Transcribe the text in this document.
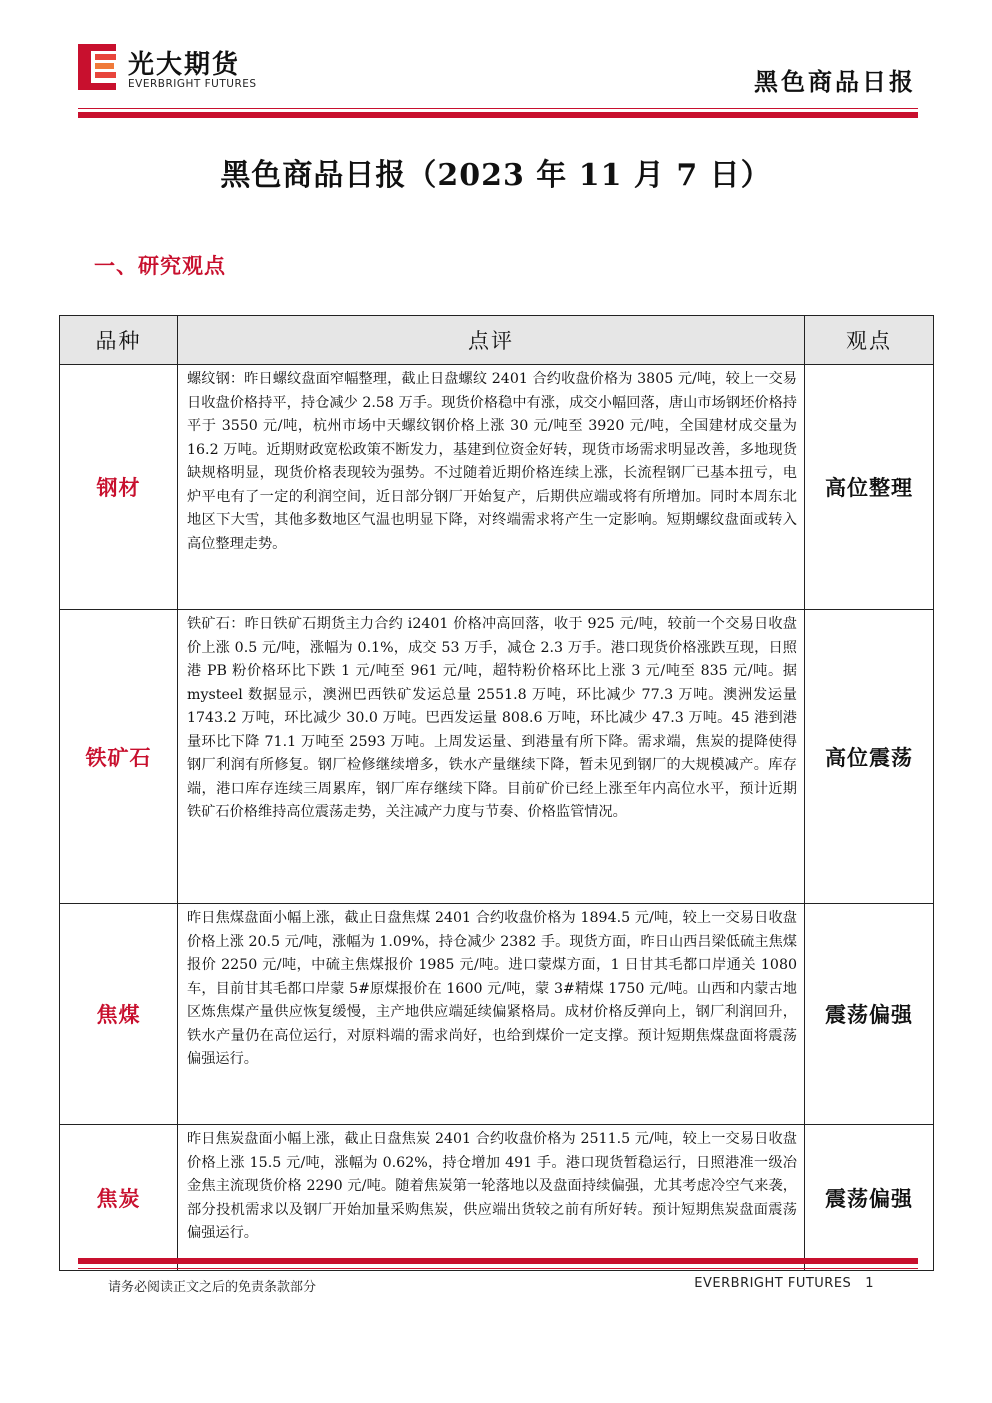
光大期货
EVERBRIGHT FUTURES	黑色商品日报
黑色商品日报（2023 年 11 月 7 日）
一、研究观点
品种	点评	观点
钢材	螺纹钢：昨日螺纹盘面窄幅整理，截止日盘螺纹 2401 合约收盘价格为 3805 元/吨，较上一交易日收盘价格持平，持仓减少 2.58 万手。现货价格稳中有涨，成交小幅回落，唐山市场钢坯价格持平于 3550 元/吨，杭州市场中天螺纹钢价格上涨 30 元/吨至 3920 元/吨，全国建材成交量为 16.2 万吨。近期财政宽松政策不断发力，基建到位资金好转，现货市场需求明显改善，多地现货缺规格明显，现货价格表现较为强势。不过随着近期价格连续上涨，长流程钢厂已基本扭亏，电炉平电有了一定的利润空间，近日部分钢厂开始复产，后期供应端或将有所增加。同时本周东北地区下大雪，其他多数地区气温也明显下降，对终端需求将产生一定影响。短期螺纹盘面或转入高位整理走势。	高位整理
铁矿石	铁矿石：昨日铁矿石期货主力合约 i2401 价格冲高回落，收于 925 元/吨，较前一个交易日收盘价上涨 0.5 元/吨，涨幅为 0.1%，成交 53 万手，减仓 2.3 万手。港口现货价格涨跌互现，日照港 PB 粉价格环比下跌 1 元/吨至 961 元/吨，超特粉价格环比上涨 3 元/吨至 835 元/吨。据 mysteel 数据显示，澳洲巴西铁矿发运总量 2551.8 万吨，环比减少 77.3 万吨。澳洲发运量 1743.2 万吨，环比减少 30.0 万吨。巴西发运量 808.6 万吨，环比减少 47.3 万吨。45 港到港量环比下降 71.1 万吨至 2593 万吨。上周发运量、到港量有所下降。需求端，焦炭的提降使得钢厂利润有所修复。钢厂检修继续增多，铁水产量继续下降，暂未见到钢厂的大规模减产。库存端，港口库存连续三周累库，钢厂库存继续下降。目前矿价已经上涨至年内高位水平，预计近期铁矿石价格维持高位震荡走势，关注减产力度与节奏、价格监管情况。	高位震荡
焦煤	昨日焦煤盘面小幅上涨，截止日盘焦煤 2401 合约收盘价格为 1894.5 元/吨，较上一交易日收盘价格上涨 20.5 元/吨，涨幅为 1.09%，持仓减少 2382 手。现货方面，昨日山西吕梁低硫主焦煤报价 2250 元/吨，中硫主焦煤报价 1985 元/吨。进口蒙煤方面，1 日甘其毛都口岸通关 1080 车，目前甘其毛都口岸蒙 5#原煤报价在 1600 元/吨，蒙 3#精煤 1750 元/吨。山西和内蒙古地区炼焦煤产量供应恢复缓慢，主产地供应端延续偏紧格局。成材价格反弹向上，钢厂利润回升，铁水产量仍在高位运行，对原料端的需求尚好，也给到煤价一定支撑。预计短期焦煤盘面将震荡偏强运行。	震荡偏强
焦炭	昨日焦炭盘面小幅上涨，截止日盘焦炭 2401 合约收盘价格为 2511.5 元/吨，较上一交易日收盘价格上涨 15.5 元/吨，涨幅为 0.62%，持仓增加 491 手。港口现货暂稳运行，日照港准一级冶金焦主流现货价格 2290 元/吨。随着焦炭第一轮落地以及盘面持续偏强，尤其考虑冷空气来袭，部分投机需求以及钢厂开始加量采购焦炭，供应端出货较之前有所好转。预计短期焦炭盘面震荡偏强运行。	震荡偏强
请务必阅读正文之后的免责条款部分	EVERBRIGHT FUTURES 1
